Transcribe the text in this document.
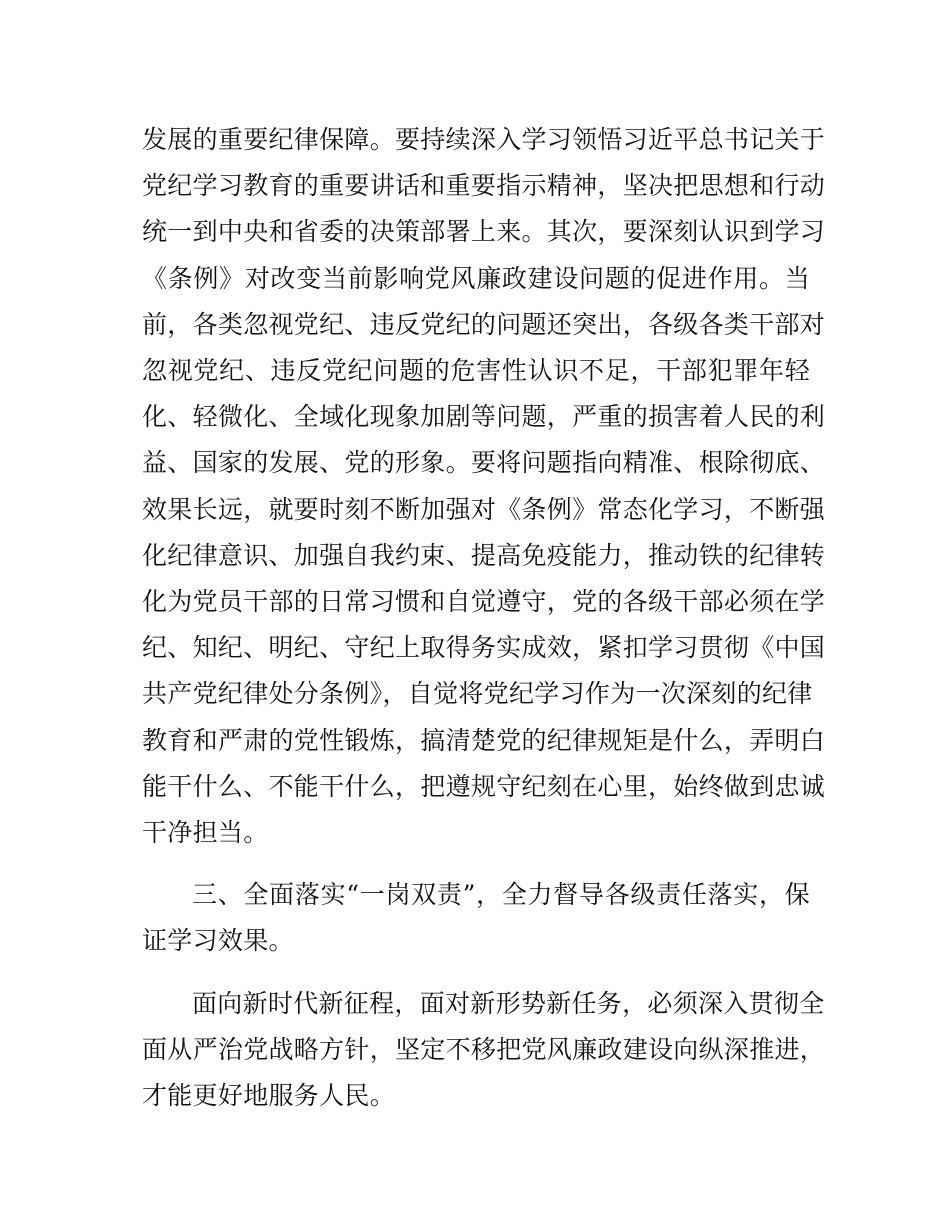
发展的重要纪律保障。要持续深入学习领悟习近平总书记关于
党纪学习教育的重要讲话和重要指示精神，坚决把思想和行动
统一到中央和省委的决策部署上来。其次，要深刻认识到学习
《条例》对改变当前影响党风廉政建设问题的促进作用。当
前，各类忽视党纪、违反党纪的问题还突出，各级各类干部对
忽视党纪、违反党纪问题的危害性认识不足，干部犯罪年轻
化、轻微化、全域化现象加剧等问题，严重的损害着人民的利
益、国家的发展、党的形象。要将问题指向精准、根除彻底、
效果长远，就要时刻不断加强对《条例》常态化学习，不断强
化纪律意识、加强自我约束、提高免疫能力，推动铁的纪律转
化为党员干部的日常习惯和自觉遵守，党的各级干部必须在学
纪、知纪、明纪、守纪上取得务实成效，紧扣学习贯彻《中国
共产党纪律处分条例》，自觉将党纪学习作为一次深刻的纪律
教育和严肃的党性锻炼，搞清楚党的纪律规矩是什么，弄明白
能干什么、不能干什么，把遵规守纪刻在心里，始终做到忠诚
干净担当。

三、全面落实“一岗双责”，全力督导各级责任落实，保
证学习效果。

面向新时代新征程，面对新形势新任务，必须深入贯彻全
面从严治党战略方针，坚定不移把党风廉政建设向纵深推进，
才能更好地服务人民。
